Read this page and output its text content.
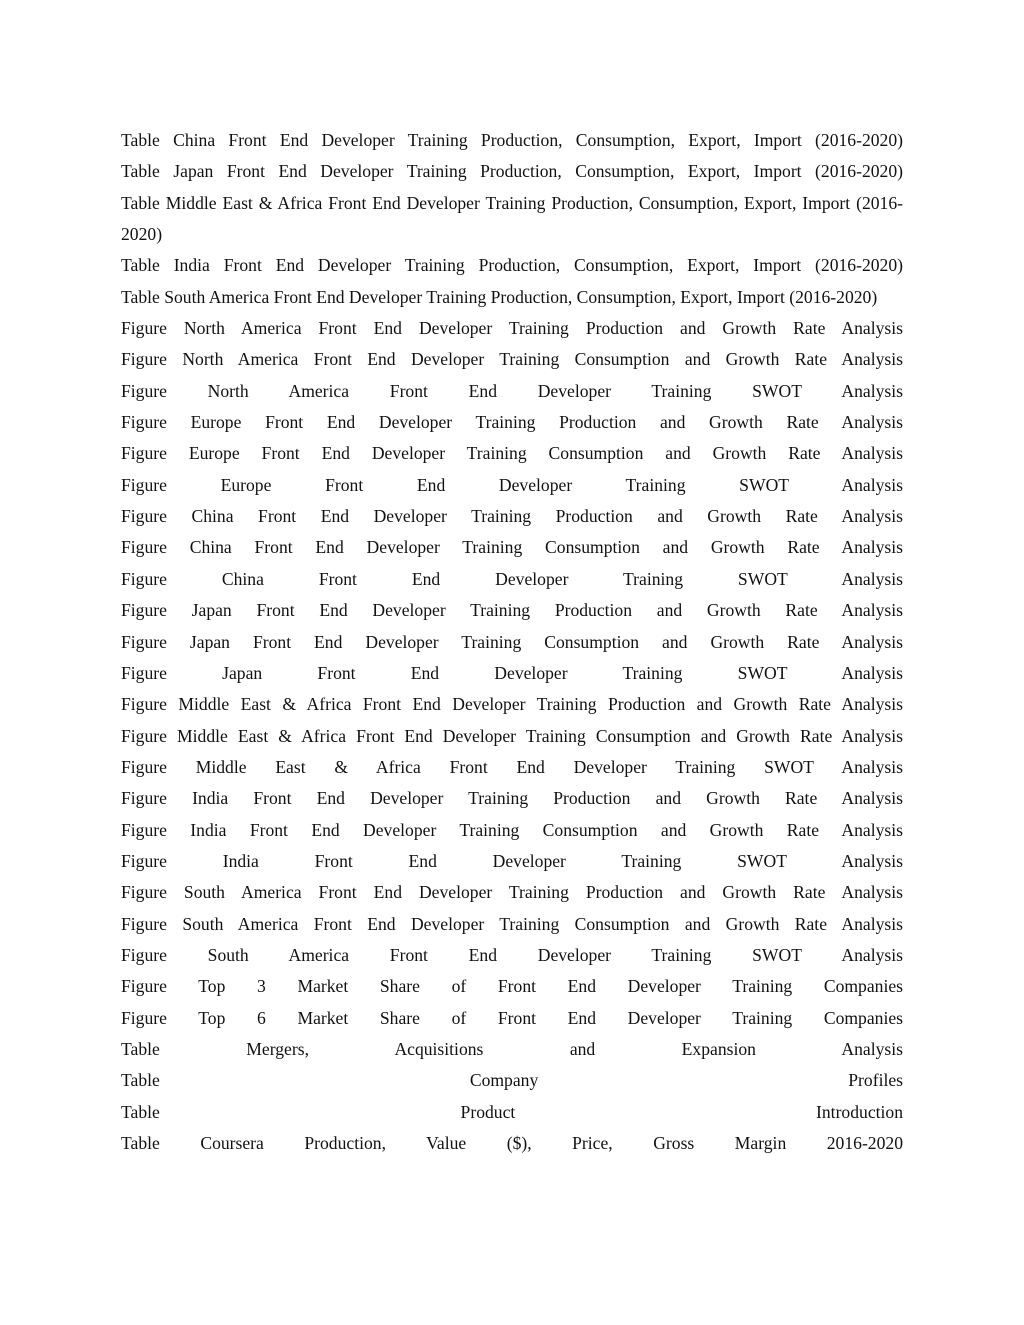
Table China Front End Developer Training Production, Consumption, Export, Import (2016-2020)

Table Japan Front End Developer Training Production, Consumption, Export, Import (2016-2020)

Table Middle East & Africa Front End Developer Training Production, Consumption, Export, Import (2016-2020)

Table India Front End Developer Training Production, Consumption, Export, Import (2016-2020)

Table South America Front End Developer Training Production, Consumption, Export, Import (2016-2020)

Figure North America Front End Developer Training Production and Growth Rate Analysis

Figure North America Front End Developer Training Consumption and Growth Rate Analysis

Figure North America Front End Developer Training SWOT Analysis

Figure Europe Front End Developer Training Production and Growth Rate Analysis

Figure Europe Front End Developer Training Consumption and Growth Rate Analysis

Figure Europe Front End Developer Training SWOT Analysis

Figure China Front End Developer Training Production and Growth Rate Analysis

Figure China Front End Developer Training Consumption and Growth Rate Analysis

Figure China Front End Developer Training SWOT Analysis

Figure Japan Front End Developer Training Production and Growth Rate Analysis

Figure Japan Front End Developer Training Consumption and Growth Rate Analysis

Figure Japan Front End Developer Training SWOT Analysis

Figure Middle East & Africa Front End Developer Training Production and Growth Rate Analysis

Figure Middle East & Africa Front End Developer Training Consumption and Growth Rate Analysis

Figure Middle East & Africa Front End Developer Training SWOT Analysis

Figure India Front End Developer Training Production and Growth Rate Analysis

Figure India Front End Developer Training Consumption and Growth Rate Analysis

Figure India Front End Developer Training SWOT Analysis

Figure South America Front End Developer Training Production and Growth Rate Analysis

Figure South America Front End Developer Training Consumption and Growth Rate Analysis

Figure South America Front End Developer Training SWOT Analysis

Figure Top 3 Market Share of Front End Developer Training Companies

Figure Top 6 Market Share of Front End Developer Training Companies

Table Mergers, Acquisitions and Expansion Analysis

Table Company Profiles

Table Product Introduction

Table Coursera Production, Value ($), Price, Gross Margin 2016-2020
